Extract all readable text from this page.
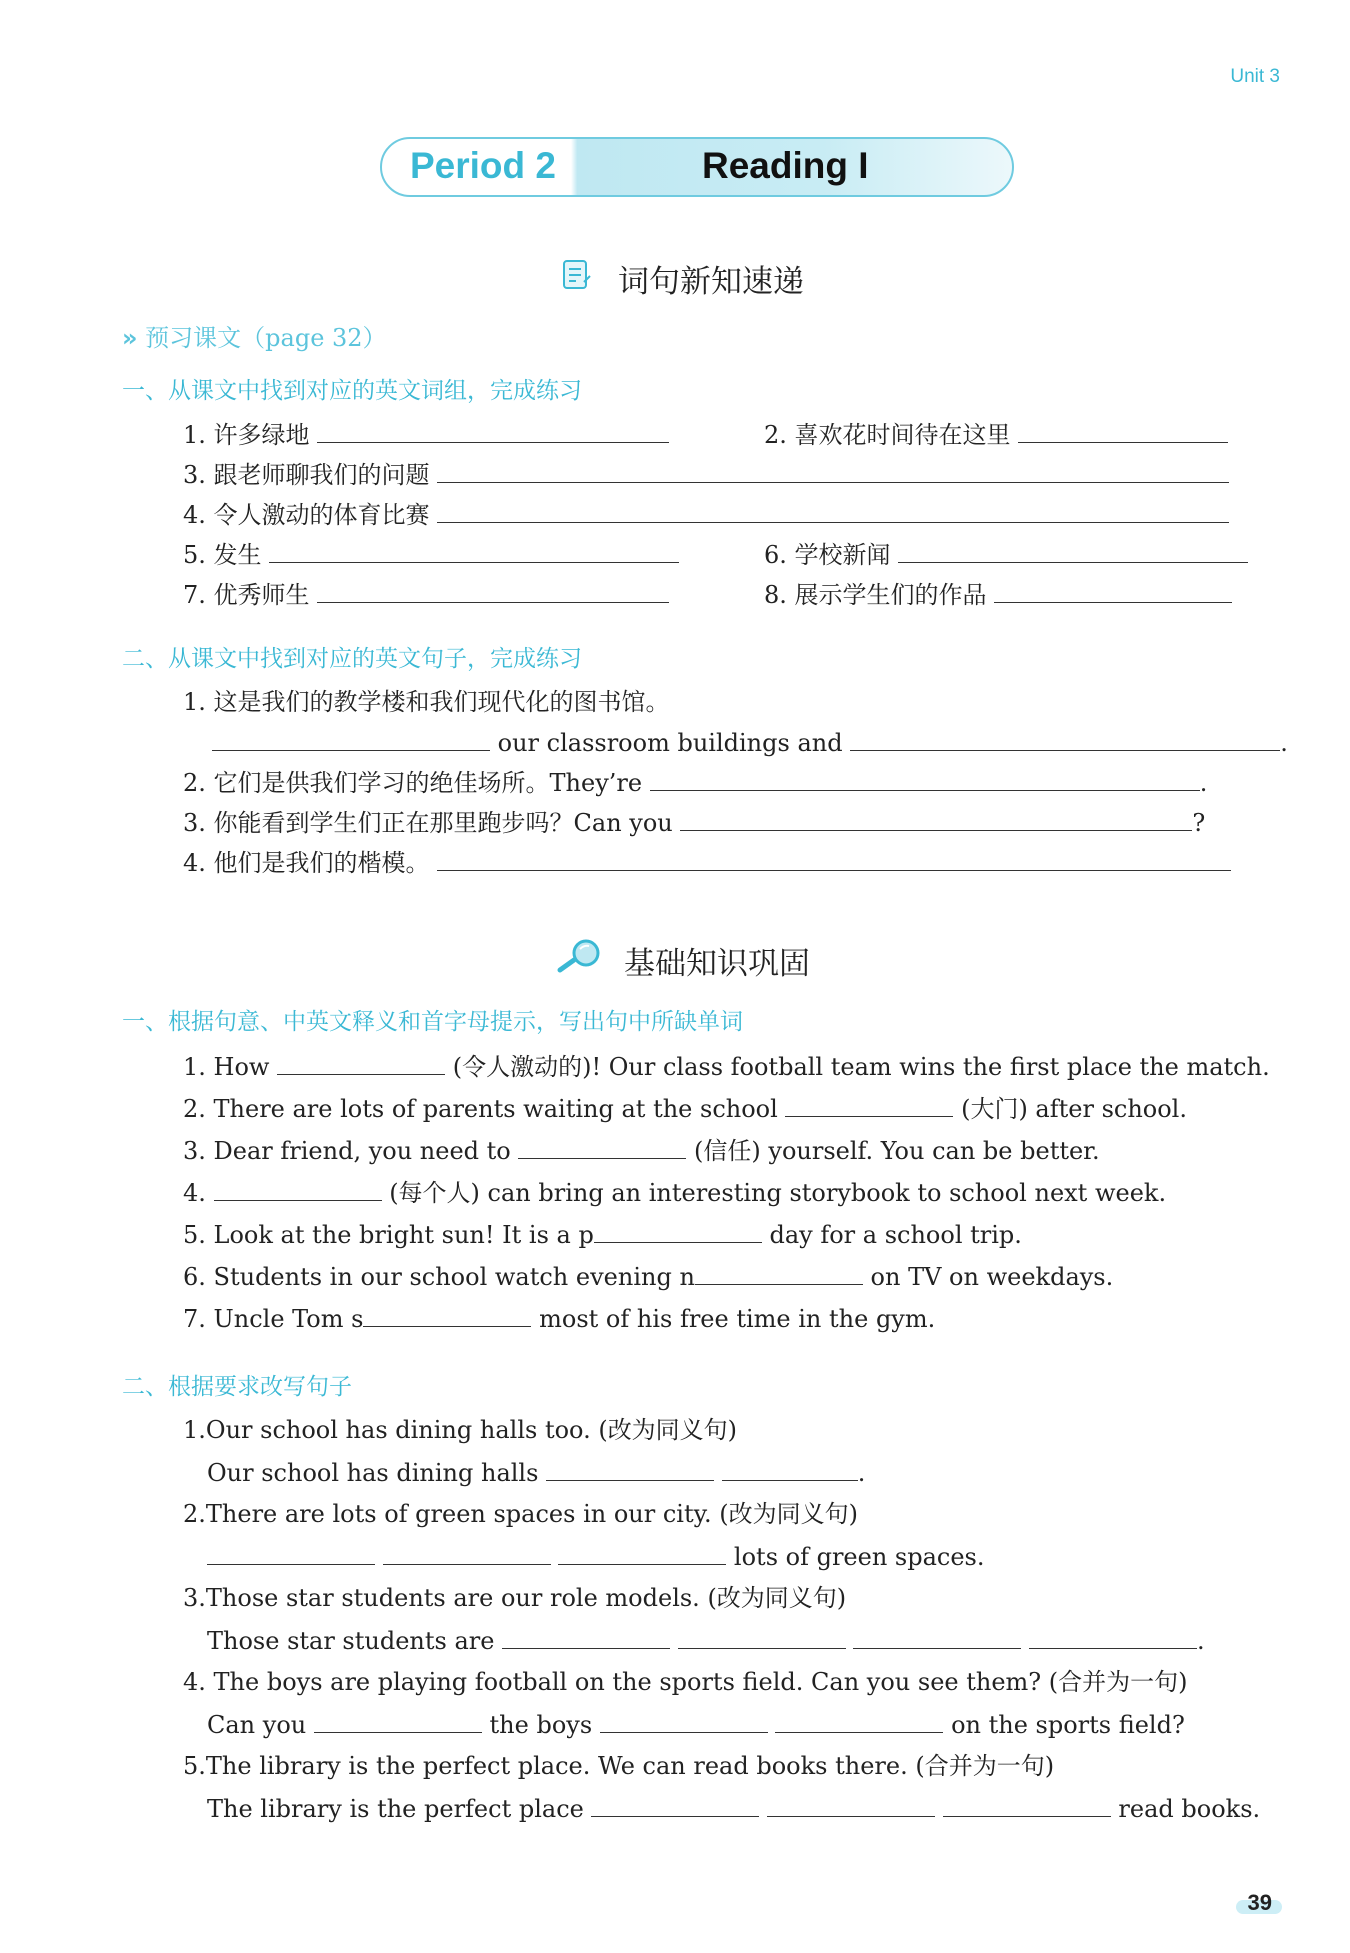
Unit 3
Period 2	Reading I
词句新知速递
» 预习课文（page 32）
一、从课文中找到对应的英文词组，完成练习
1. 许多绿地	2. 喜欢花时间待在这里
3. 跟老师聊我们的问题
4. 令人激动的体育比赛
5. 发生	6. 学校新闻
7. 优秀师生	8. 展示学生们的作品
二、从课文中找到对应的英文句子，完成练习
1. 这是我们的教学楼和我们现代化的图书馆。
our classroom buildings and	.
2. 它们是供我们学习的绝佳场所。They’re	.
3. 你能看到学生们正在那里跑步吗？Can you	?
4. 他们是我们的楷模。
基础知识巩固
一、根据句意、中英文释义和首字母提示，写出句中所缺单词
1. How	(令人激动的)! Our class football team wins the first place the match.
2. There are lots of parents waiting at the school	(大门) after school.
3. Dear friend, you need to	(信任) yourself. You can be better.
4.	(每个人) can bring an interesting storybook to school next week.
5. Look at the bright sun! It is a p	day for a school trip.
6. Students in our school watch evening n	on TV on weekdays.
7. Uncle Tom s	most of his free time in the gym.
二、根据要求改写句子
1.Our school has dining halls too. (改为同义句)
Our school has dining halls	.
2.There are lots of green spaces in our city. (改为同义句)
lots of green spaces.
3.Those star students are our role models. (改为同义句)
Those star students are	.
4. The boys are playing football on the sports field. Can you see them? (合并为一句)
Can you	the boys	on the sports field?
5.The library is the perfect place. We can read books there. (合并为一句)
The library is the perfect place	read books.
39
